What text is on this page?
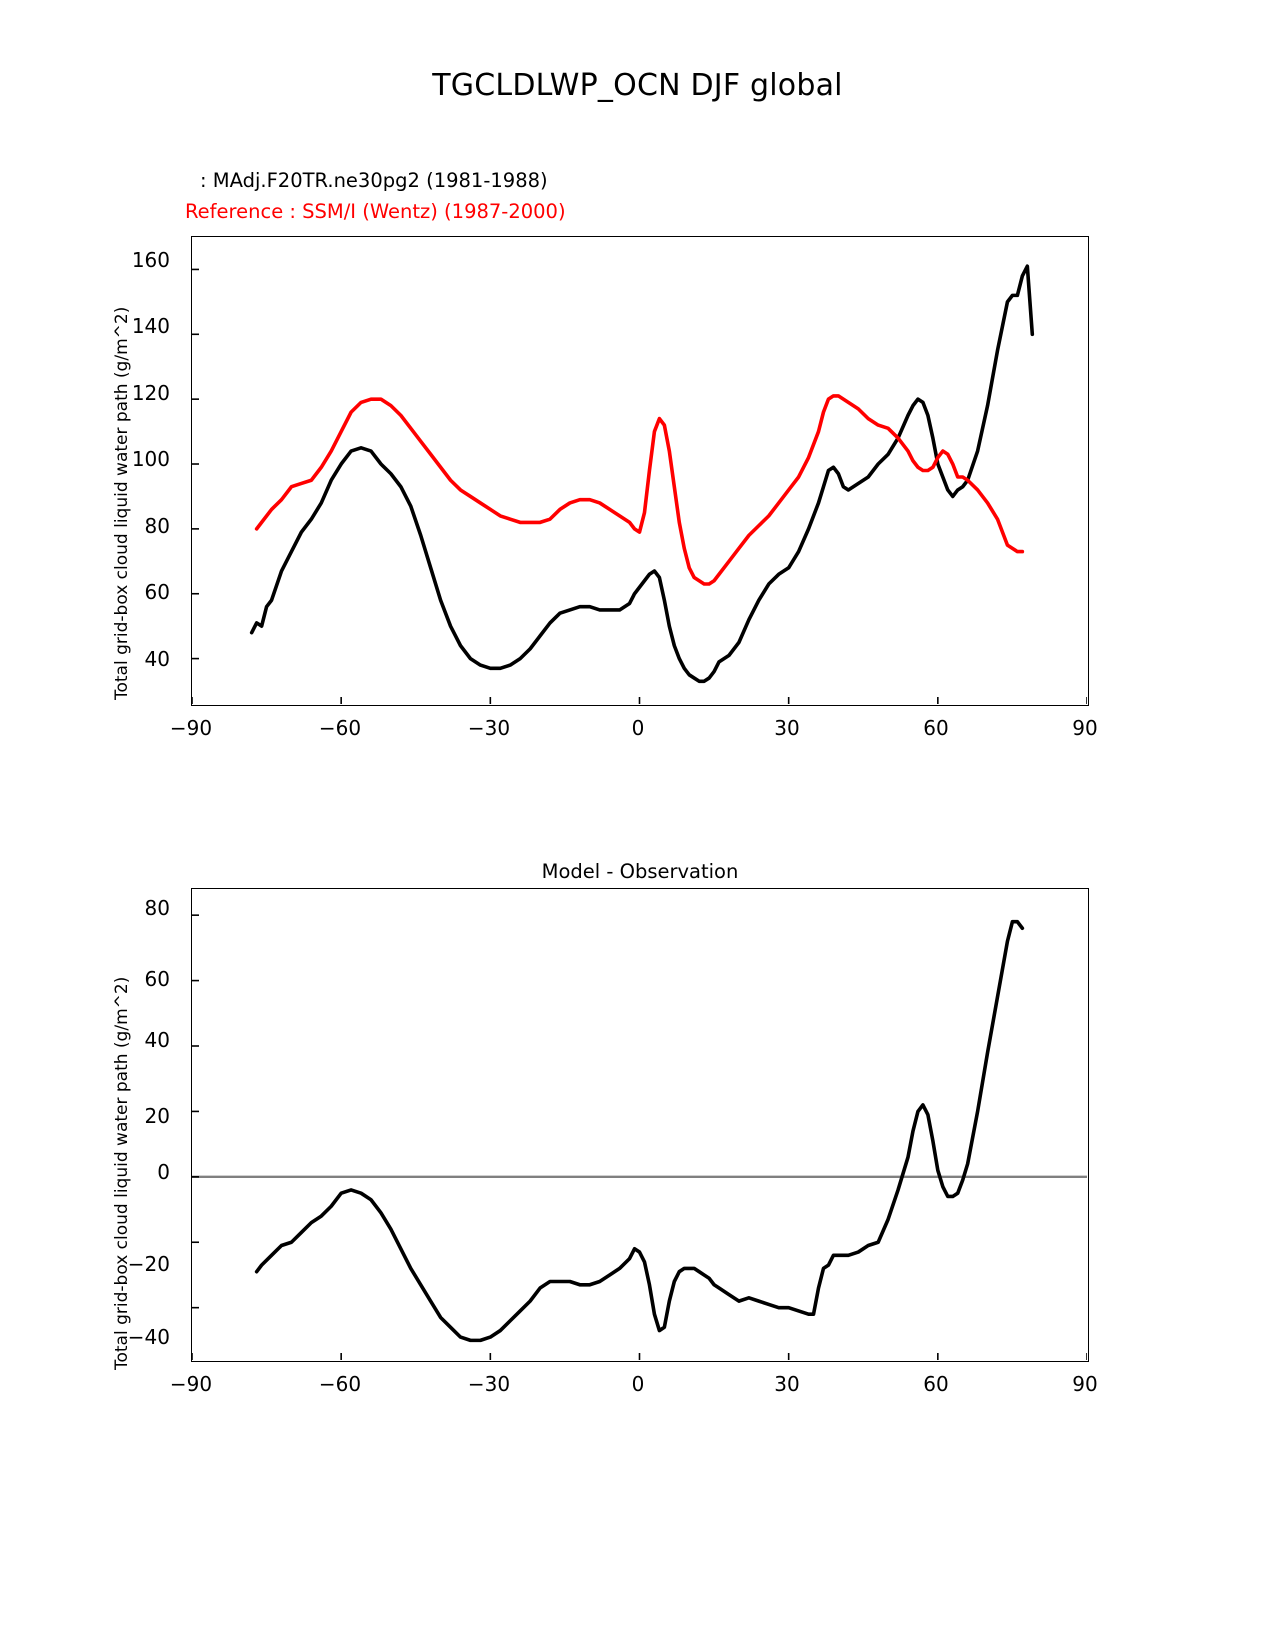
TGCLDLWP_OCN DJF global
: MAdj.F20TR.ne30pg2 (1981-1988)
Reference : SSM/I (Wentz) (1987-2000)
Total grid-box cloud liquid water path (g/m^2) 40
60
80
100
120
140
160
−90	−60	−30	0	30	60	90
Model - Observation
Total grid-box cloud liquid water path (g/m^2)
−40
−20
0
20
40
60
80
−90	−60	−30	0	30	60	90
